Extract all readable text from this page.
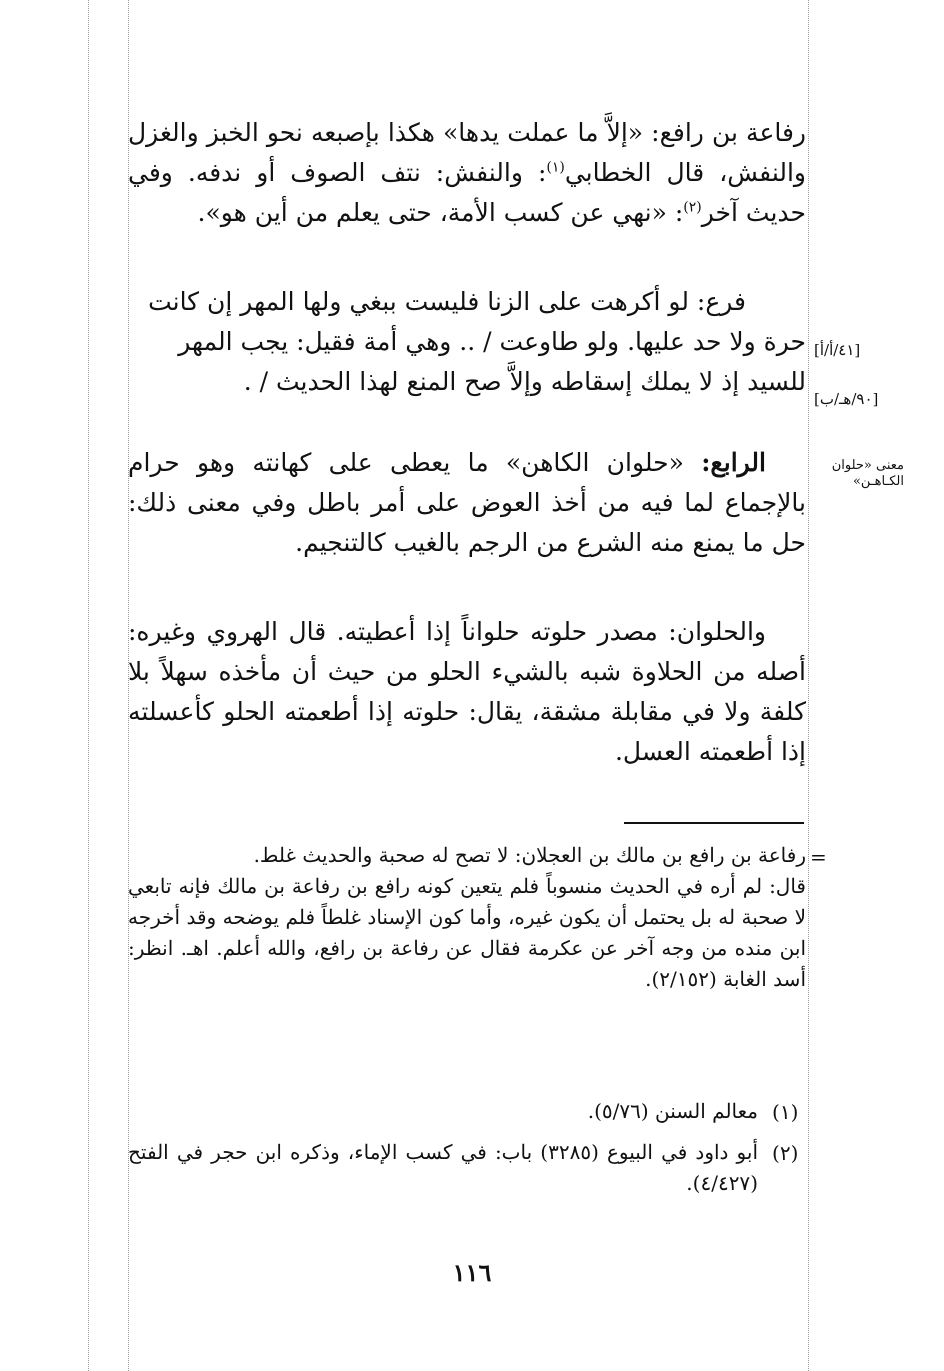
رفاعة بن رافع: «إلاَّ ما عملت يدها» هكذا بإصبعه نحو الخبز والغزل والنفش، قال الخطابي$^{(١)}$: والنفش: نتف الصوف أو ندفه. وفي حديث آخر$^{(٢)}$: «نهي عن كسب الأمة، حتى يعلم من أين هو».

فرع: لو أكرهت على الزنا فليست ببغي ولها المهر إن كانت
حرة ولا حد عليها. ولو طاوعت / .. وهي أمة فقيل: يجب المهر
للسيد إذ لا يملك إسقاطه وإلاَّ صح المنع لهذا الحديث / .
[٤١/أ/أ]
[٩٠/هـ/ب]
معنى «حلوان
الكـاهـن»

الرابع: «حلوان الكاهن» ما يعطى على كهانته وهو حرام بالإجماع لما فيه من أخذ العوض على أمر باطل وفي معنى ذلك: حل ما يمنع منه الشرع من الرجم بالغيب كالتنجيم.

والحلوان: مصدر حلوته حلواناً إذا أعطيته. قال الهروي وغيره: أصله من الحلاوة شبه بالشيء الحلو من حيث أن مأخذه سهلاً بلا كلفة ولا في مقابلة مشقة، يقال: حلوته إذا أطعمته الحلو كأعسلته إذا أطعمته العسل.

=
رفاعة بن رافع بن مالك بن العجلان: لا تصح له صحبة والحديث غلط.
قال: لم أره في الحديث منسوباً فلم يتعين كونه رافع بن رفاعة بن مالك فإنه تابعي لا صحبة له بل يحتمل أن يكون غيره، وأما كون الإسناد غلطاً فلم يوضحه وقد أخرجه ابن منده من وجه آخر عن عكرمة فقال عن رفاعة بن رافع، والله أعلم. اهـ. انظر: أسد الغابة (٢/١٥٢).
(١)
معالم السنن (٥/٧٦).
(٢)
أبو داود في البيوع (٣٢٨٥) باب: في كسب الإماء، وذكره ابن حجر في الفتح (٤/٤٢٧).
١١٦
